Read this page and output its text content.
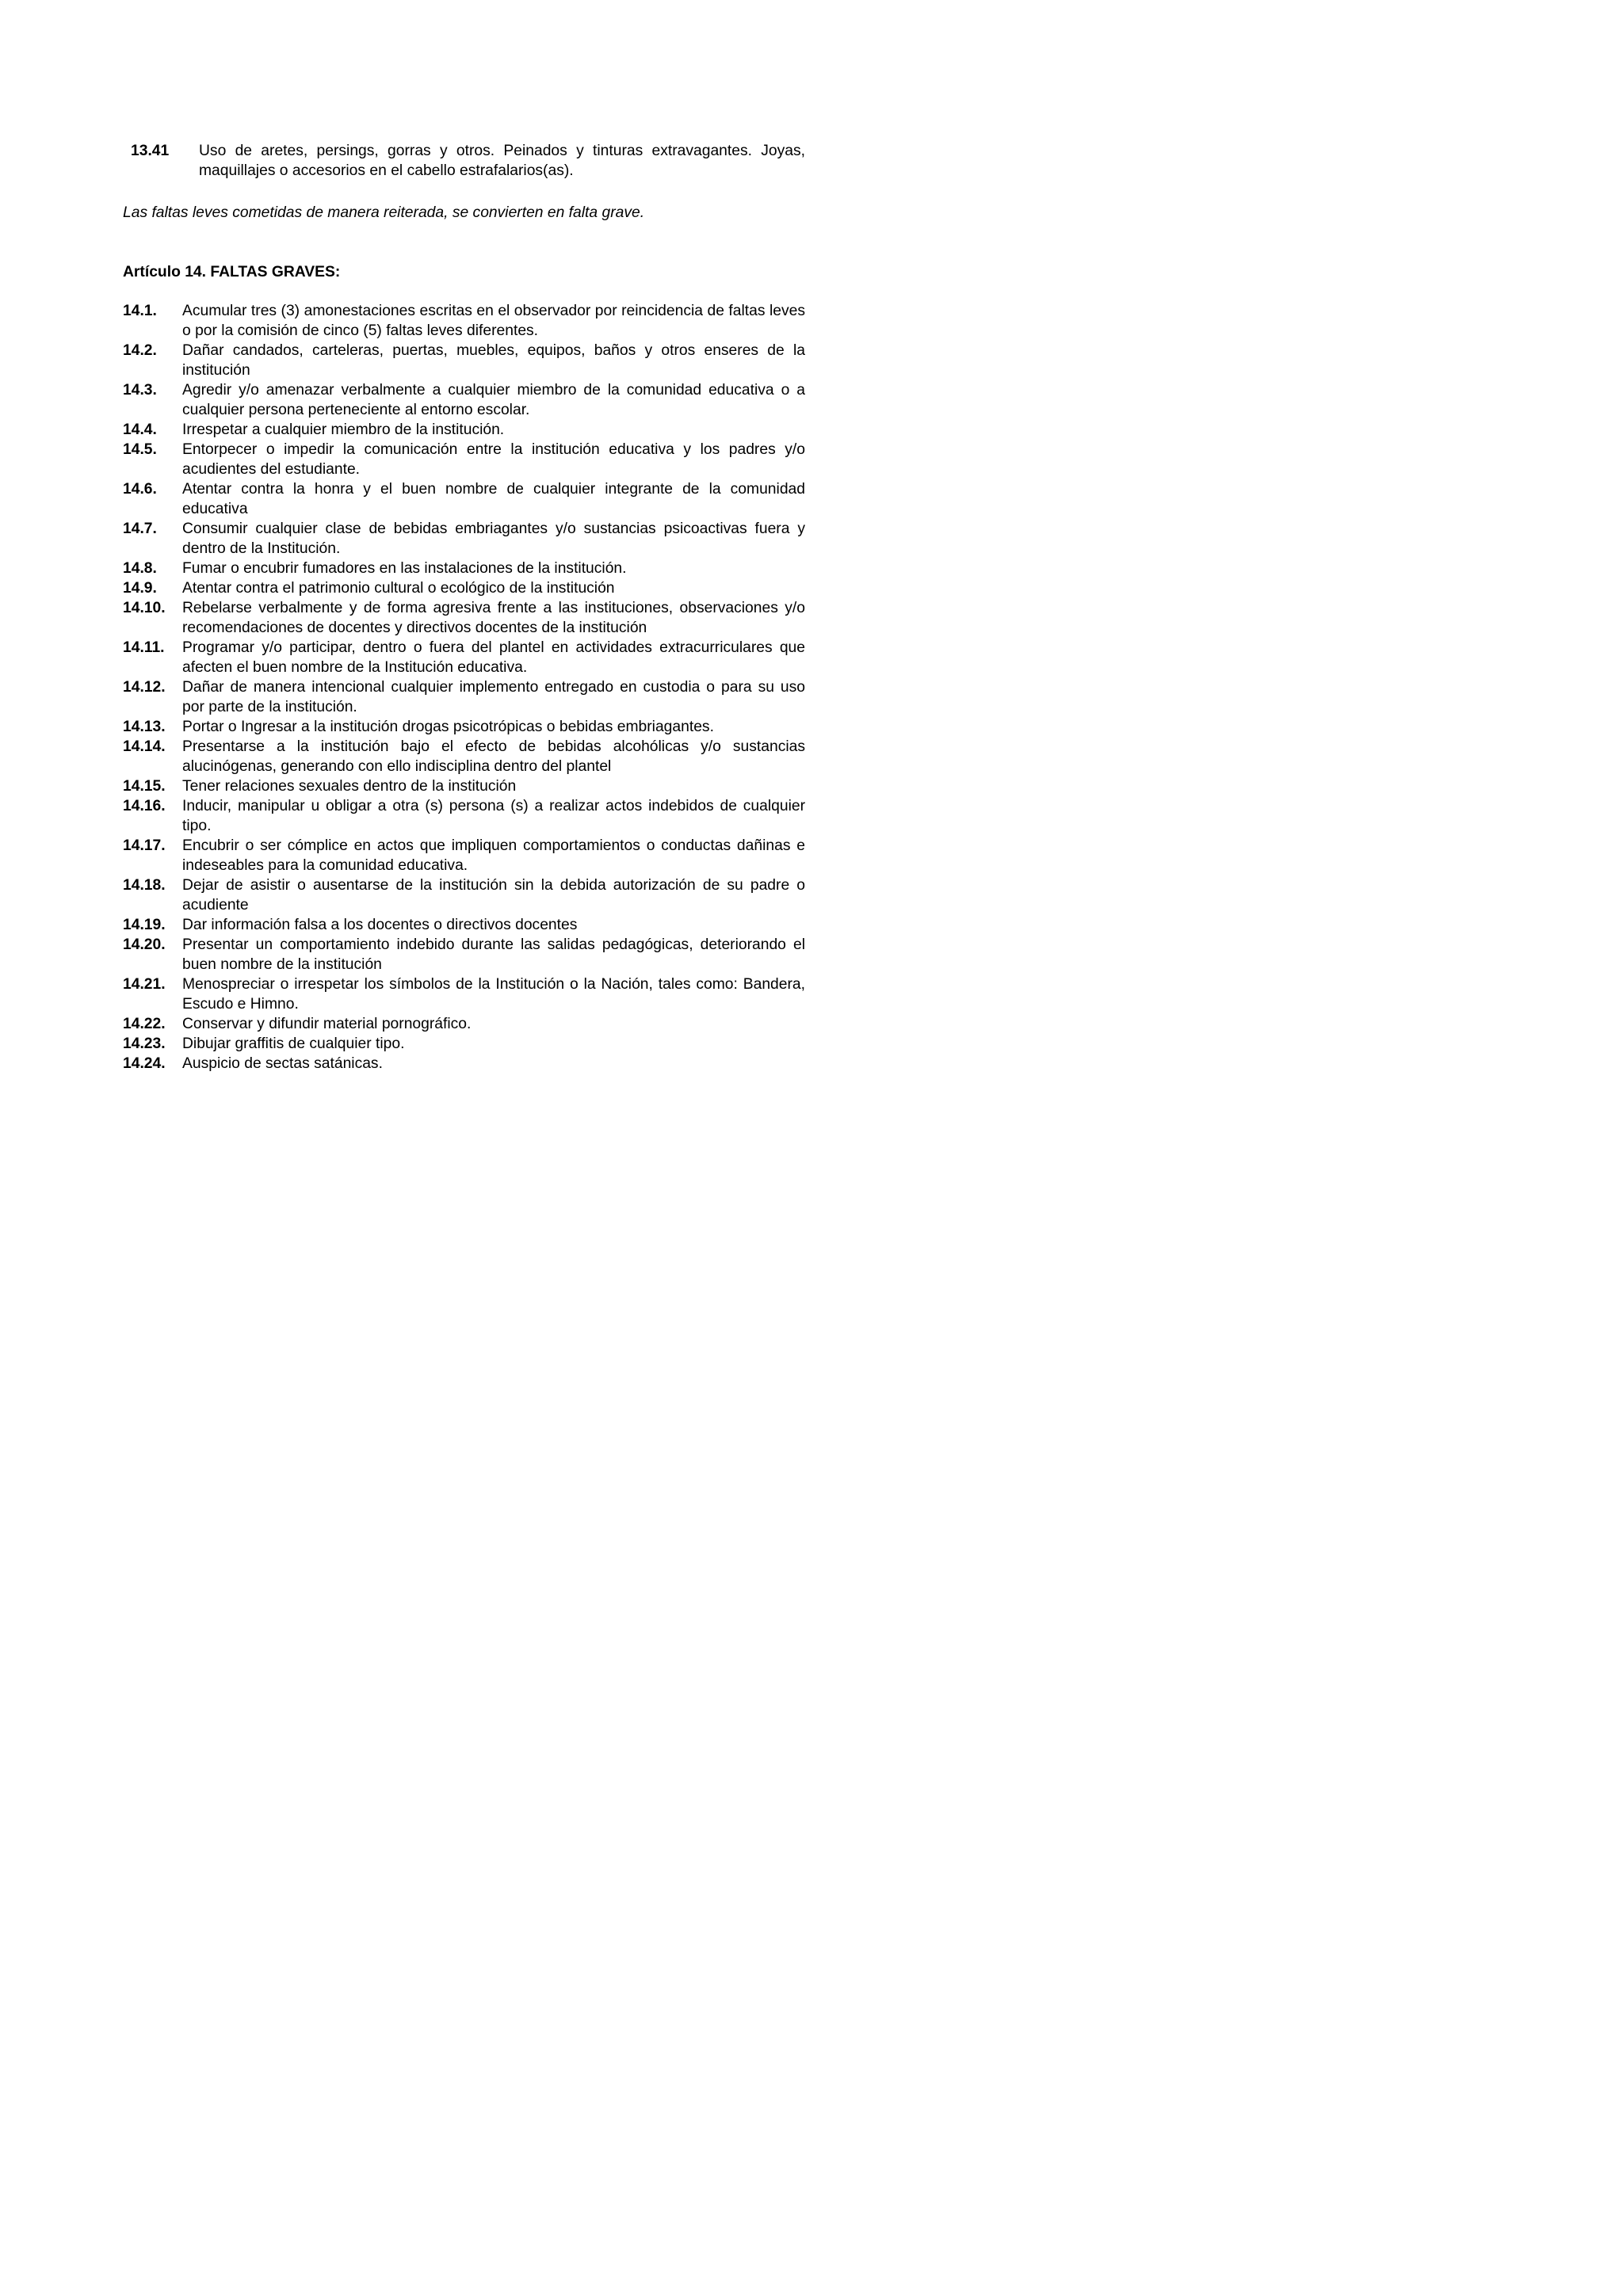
13.41 Uso de aretes, persings, gorras y otros. Peinados y tinturas extravagantes. Joyas, maquillajes o accesorios en el cabello estrafalarios(as).
Las faltas leves cometidas de manera reiterada, se convierten en falta grave.
Artículo 14. FALTAS GRAVES:
14.1.	Acumular tres (3) amonestaciones escritas en el observador por reincidencia de faltas leves o por la comisión de cinco (5) faltas leves diferentes.
14.2.	Dañar candados, carteleras, puertas, muebles, equipos, baños y otros enseres de la institución
14.3.	Agredir y/o amenazar verbalmente a cualquier miembro de la comunidad educativa o a cualquier persona perteneciente al entorno escolar.
14.4.	Irrespetar a cualquier miembro de la institución.
14.5.	Entorpecer o impedir la comunicación entre la institución educativa y los padres y/o acudientes del estudiante.
14.6.	Atentar contra la honra y el buen nombre de cualquier integrante de la comunidad educativa
14.7.	Consumir cualquier clase de bebidas embriagantes y/o sustancias psicoactivas fuera y dentro de la Institución.
14.8.	Fumar o encubrir fumadores en las instalaciones de la institución.
14.9.	Atentar contra el patrimonio cultural o ecológico de la institución
14.10.	Rebelarse verbalmente y de forma agresiva frente a las instituciones, observaciones y/o recomendaciones de docentes y directivos docentes de la institución
14.11.	Programar y/o participar, dentro o fuera del plantel en actividades extracurriculares que afecten el buen nombre de la Institución educativa.
14.12.	Dañar de manera intencional cualquier implemento entregado en custodia o para su uso por parte de la institución.
14.13.	Portar o Ingresar a la institución drogas psicotrópicas o bebidas embriagantes.
14.14.	Presentarse a la institución bajo el efecto de bebidas alcohólicas y/o sustancias alucinógenas, generando con ello indisciplina dentro del plantel
14.15.	Tener relaciones sexuales dentro de la institución
14.16.	Inducir, manipular u obligar a otra (s) persona (s) a realizar actos indebidos de cualquier tipo.
14.17.	Encubrir o ser cómplice en actos que impliquen comportamientos o conductas dañinas e indeseables para la comunidad educativa.
14.18.	Dejar de asistir o ausentarse de la institución sin la debida autorización de su padre o acudiente
14.19.	Dar información falsa a los docentes o directivos docentes
14.20.	Presentar un comportamiento indebido durante las salidas pedagógicas, deteriorando el buen nombre de la institución
14.21.	Menospreciar o irrespetar los símbolos de la Institución o la Nación, tales como: Bandera, Escudo e Himno.
14.22.	Conservar y difundir material pornográfico.
14.23.	Dibujar graffitis de cualquier tipo.
14.24.	Auspicio de sectas satánicas.
